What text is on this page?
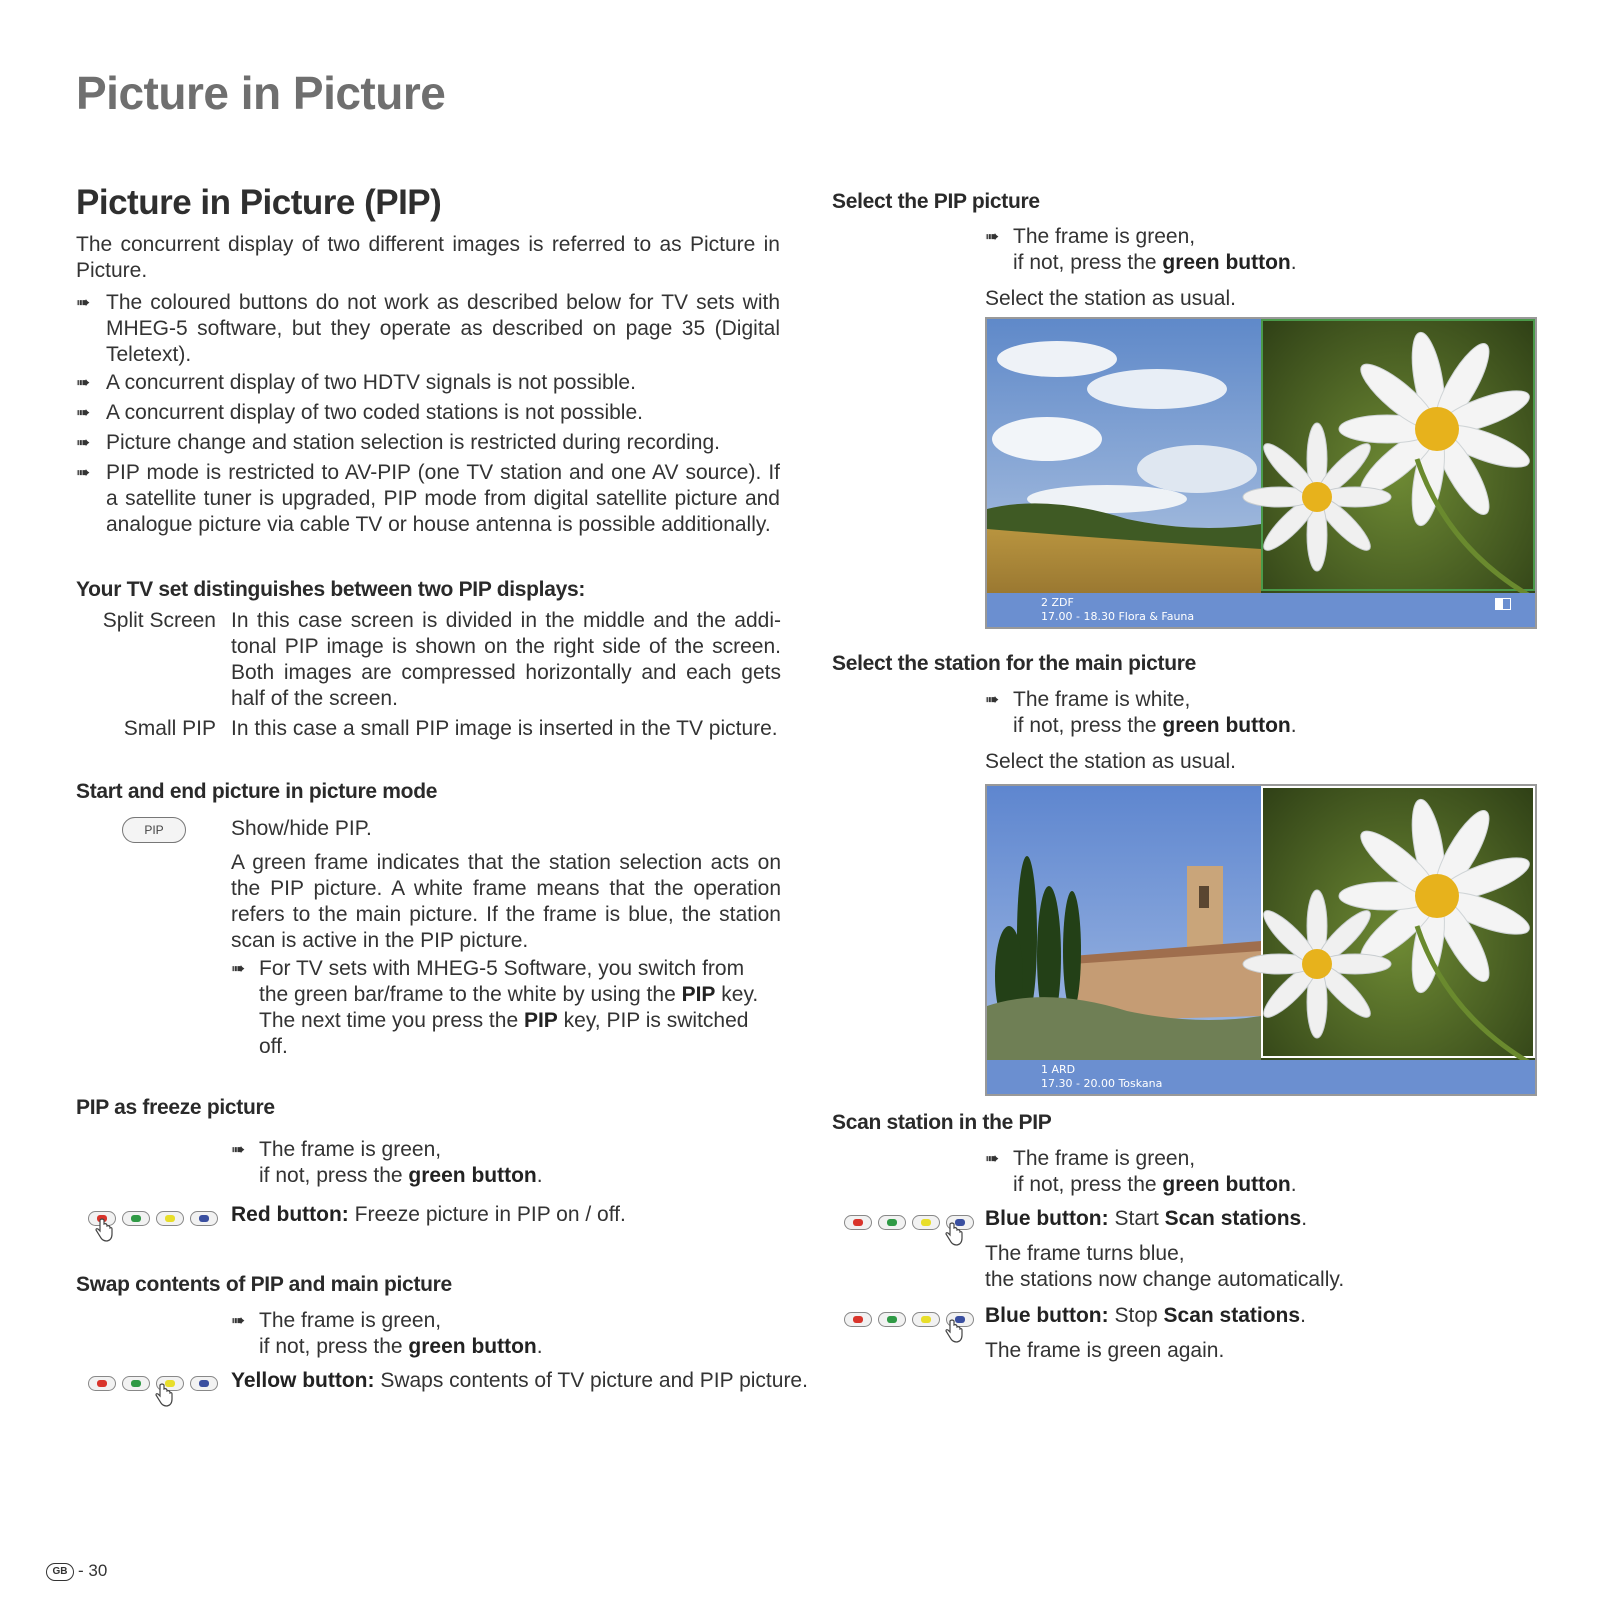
Picture in Picture
Picture in Picture (PIP)
The concurrent display of two different images is referred to as Picture in Picture.
➠ The coloured buttons do not work as described below for TV sets with MHEG-5 software, but they operate as described on page 35 (Digital Teletext).
➠ A concurrent display of two HDTV signals is not possible.
➠ A concurrent display of two coded stations is not possible.
➠ Picture change and station selection is restricted during recording.
➠ PIP mode is restricted to AV-PIP (one TV station and one AV source). If a satellite tuner is upgraded, PIP mode from digital satellite picture and analogue picture via cable TV or house antenna is possible additionally.
Your TV set distinguishes between two PIP displays:
Split Screen In this case screen is divided in the middle and the addi-tonal PIP image is shown on the right side of the screen. Both images are compressed horizontally and each gets half of the screen.
Small PIP In this case a small PIP image is inserted in the TV picture.
Start and end picture in picture mode
PIP	Show/hide PIP.
A green frame indicates that the station selection acts on the PIP picture. A white frame means that the operation refers to the main picture. If the frame is blue, the station scan is active in the PIP picture.
➠ For TV sets with MHEG-5 Software, you switch from the green bar/frame to the white by using the PIP key. The next time you press the PIP key, PIP is switched off.
PIP as freeze picture
➠ The frame is green,
if not, press the green button.
Red button: Freeze picture in PIP on / off.
Swap contents of PIP and main picture
➠ The frame is green,
if not, press the green button.
Yellow button: Swaps contents of TV picture and PIP picture.
Select the PIP picture
➠ The frame is green,
if not, press the green button.
Select the station as usual.
2 ZDF
17.00 - 18.30 Flora & Fauna
Select the station for the main picture
➠ The frame is white,
if not, press the green button.
Select the station as usual.
1 ARD
17.30 - 20.00 Toskana
Scan station in the PIP
➠ The frame is green,
if not, press the green button.
Blue button: Start Scan stations.
The frame turns blue,
the stations now change automatically.
Blue button: Stop Scan stations.
The frame is green again.
GB - 30
